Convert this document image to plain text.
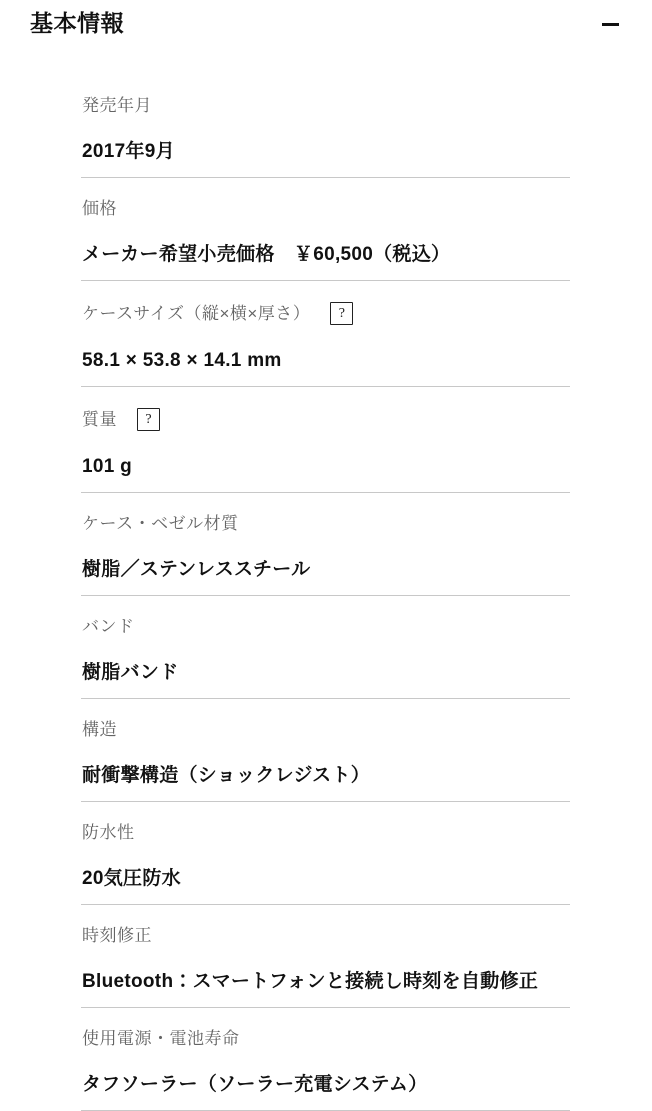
基本情報
発売年月
2017年9月
価格
メーカー希望小売価格　￥60,500（税込）
ケースサイズ（縦×横×厚さ）	?
58.1 × 53.8 × 14.1 mm
質量	?
101 g
ケース・ベゼル材質
樹脂／ステンレススチール
バンド
樹脂バンド
構造
耐衝撃構造（ショックレジスト）
防水性
20気圧防水
時刻修正
Bluetooth：スマートフォンと接続し時刻を自動修正
使用電源・電池寿命
タフソーラー（ソーラー充電システム）
